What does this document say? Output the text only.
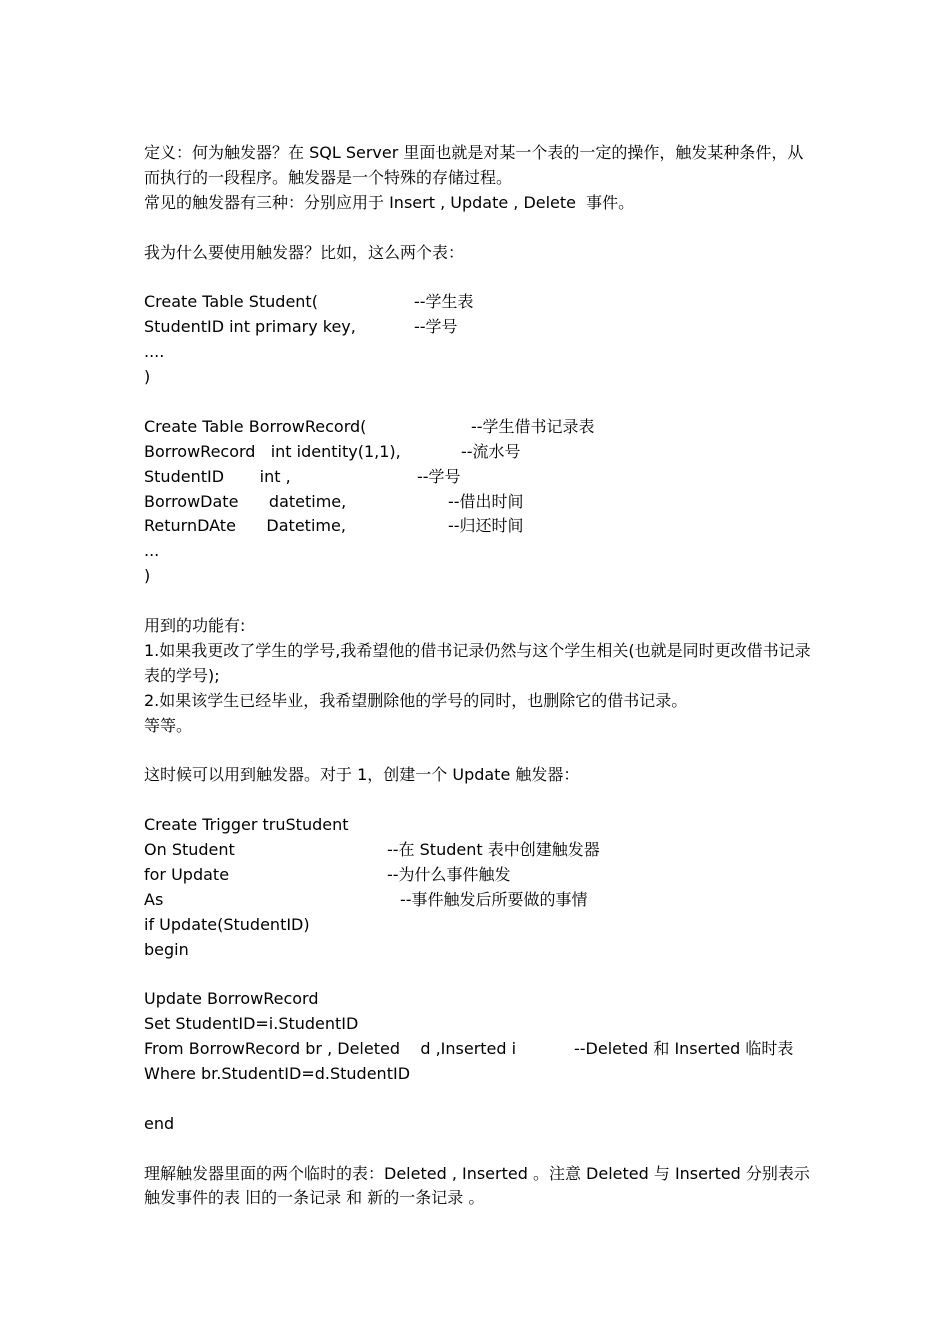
定义：何为触发器？在 SQL Server 里面也就是对某一个表的一定的操作，触发某种条件，从而执行的一段程序。触发器是一个特殊的存储过程。
常见的触发器有三种：分别应用于 Insert , Update , Delete  事件。
我为什么要使用触发器？比如，这么两个表：
Create Table Student(	--学生表
StudentID int primary key,	--学号
....
)
Create Table BorrowRecord(	--学生借书记录表
BorrowRecord   int identity(1,1),	--流水号
StudentID       int ,	--学号
BorrowDate      datetime,	--借出时间
ReturnDAte      Datetime,	--归还时间
...
)
用到的功能有:
1.如果我更改了学生的学号,我希望他的借书记录仍然与这个学生相关(也就是同时更改借书记录表的学号);
2.如果该学生已经毕业，我希望删除他的学号的同时，也删除它的借书记录。
等等。
这时候可以用到触发器。对于 1，创建一个 Update 触发器：
Create Trigger truStudent
On Student	--在 Student 表中创建触发器
for Update	--为什么事件触发
As	--事件触发后所要做的事情
if Update(StudentID)
begin
Update BorrowRecord
Set StudentID=i.StudentID
From BorrowRecord br , Deleted    d ,Inserted i	--Deleted 和 Inserted 临时表
Where br.StudentID=d.StudentID
end
理解触发器里面的两个临时的表：Deleted , Inserted 。注意 Deleted 与 Inserted 分别表示触发事件的表 旧的一条记录 和 新的一条记录 。
